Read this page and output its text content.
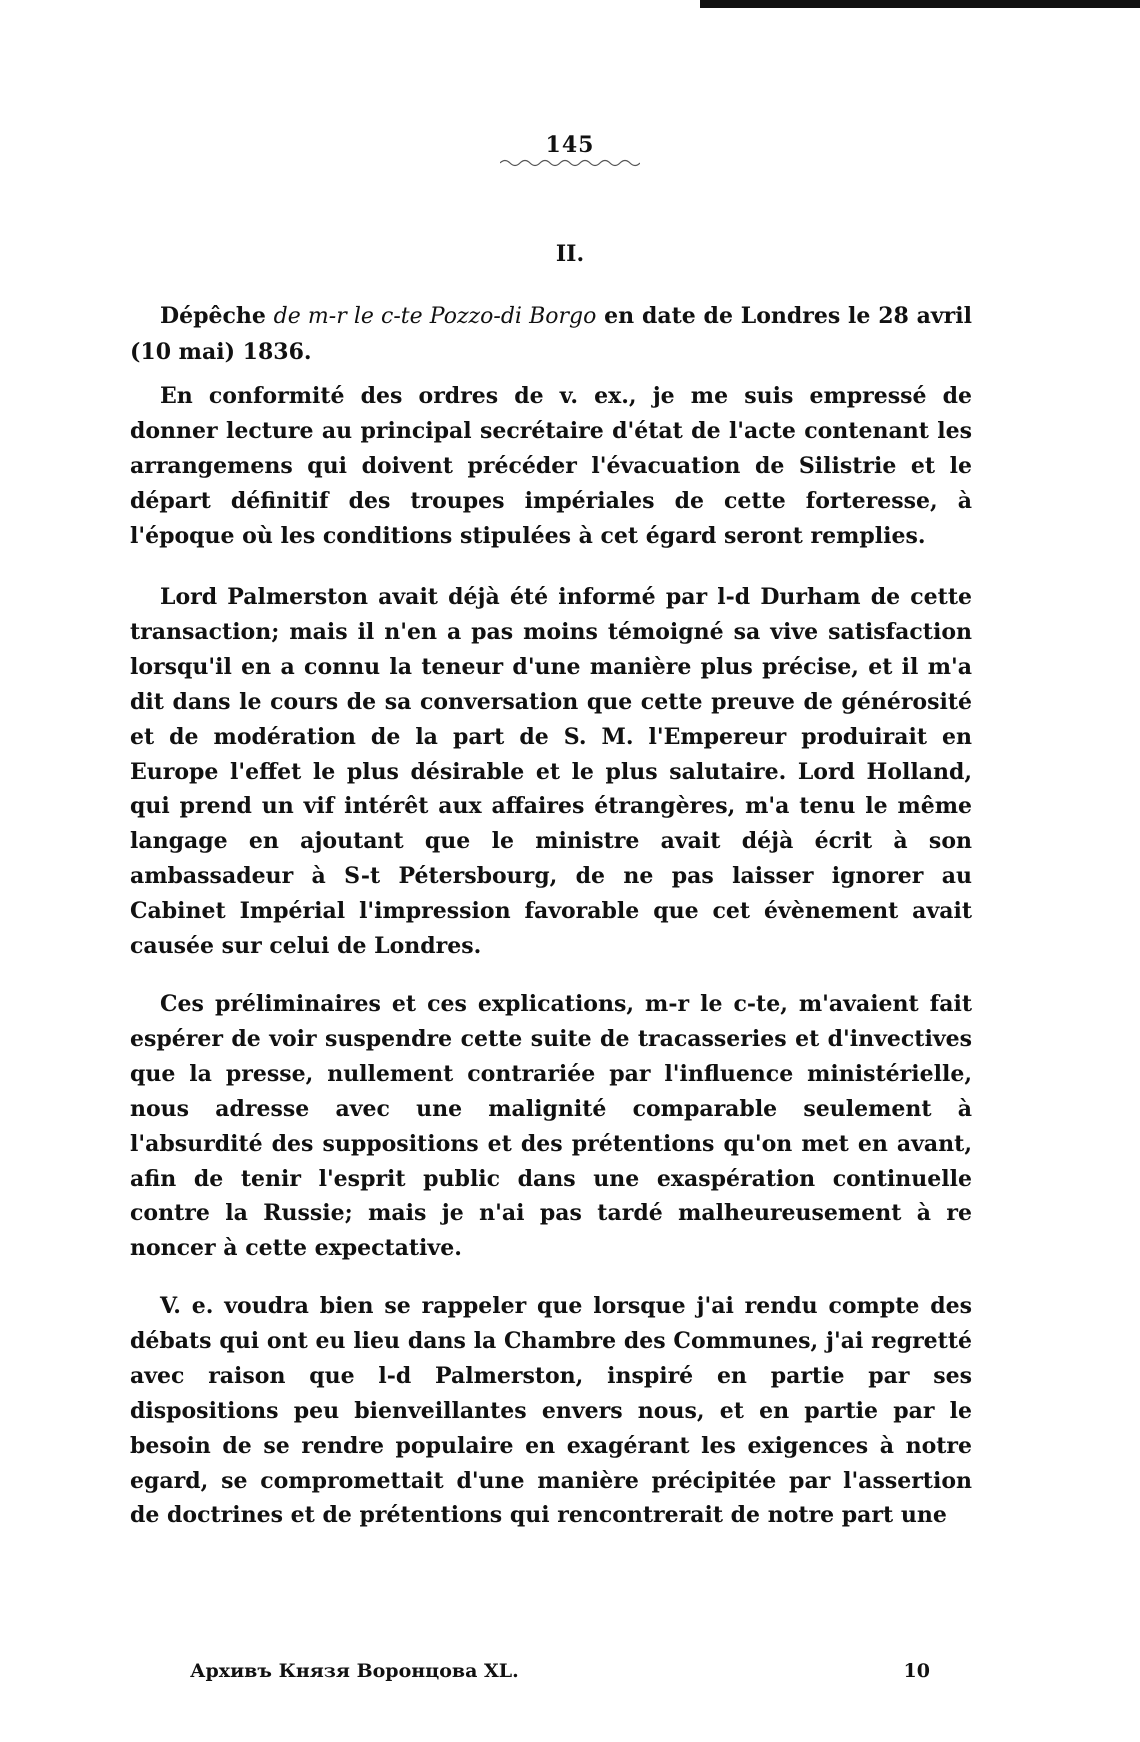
145
II.

Dépêche de m-r le c-te Pozzo-di Borgo en date de Londres le 28 avril (10 mai) 1836.

En conformité des ordres de v. ex., je me suis empressé de donner lecture au principal secrétaire d'état de l'acte contenant les arrangemens qui doivent précéder l'évacuation de Silistrie et le départ définitif des troupes impériales de cette forteresse, à l'époque où les conditions stipulées à cet égard seront remplies.

Lord Palmerston avait déjà été informé par l-d Durham de cette transaction; mais il n'en a pas moins témoigné sa vive satisfaction lorsqu'il en a connu la teneur d'une manière plus précise, et il m'a dit dans le cours de sa conversation que cette preuve de générosité et de modération de la part de S. M. l'Empereur produirait en Europe l'effet le plus désirable et le plus salutaire. Lord Holland, qui prend un vif intérêt aux affaires étrangères, m'a tenu le même langage en ajoutant que le ministre avait déjà écrit à son ambassadeur à S-t Pétersbourg, de ne pas laisser ignorer au Cabinet Impérial l'impression favorable que cet évènement avait causée sur celui de Londres.

Ces préliminaires et ces explications, m-r le c-te, m'avaient fait espérer de voir suspendre cette suite de tracasseries et d'invectives que la presse, nullement contrariée par l'influence ministérielle, nous adresse avec une malignité comparable seulement à l'absurdité des suppositions et des prétentions qu'on met en avant, afin de tenir l'esprit public dans une exaspération continuelle contre la Russie; mais je n'ai pas tardé malheureusement à re noncer à cette expectative.

V. e. voudra bien se rappeler que lorsque j'ai rendu compte des débats qui ont eu lieu dans la Chambre des Communes, j'ai regretté avec raison que l-d Palmerston, inspiré en partie par ses dispositions peu bienveillantes envers nous, et en partie par le besoin de se rendre populaire en exagérant les exigences à notre egard, se compromettait d'une manière précipitée par l'assertion de doctrines et de prétentions qui rencontrerait de notre part une

Архивъ Князя Воронцова XL.	10
